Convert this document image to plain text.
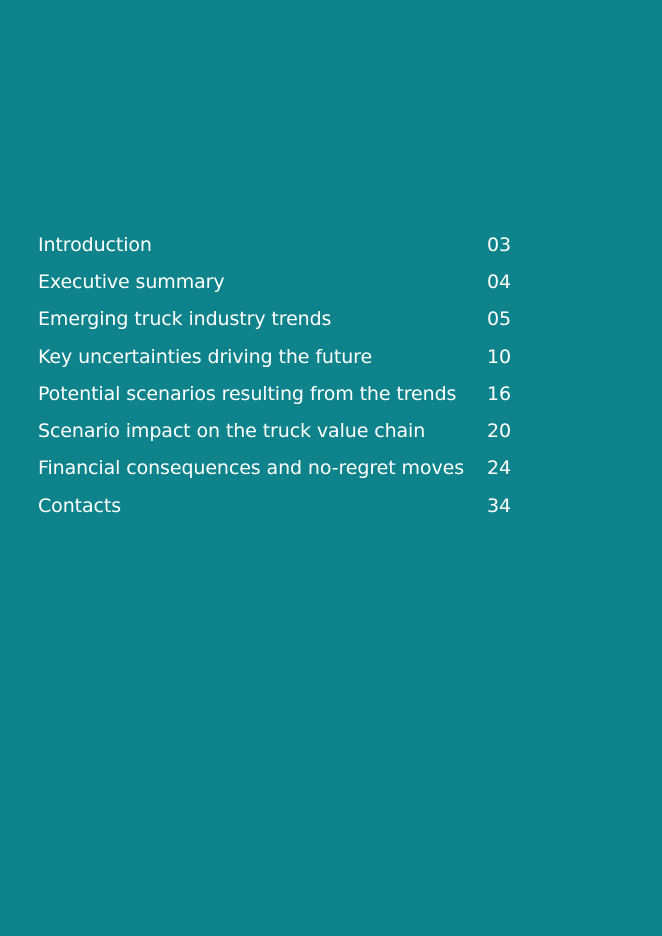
Introduction	03
Executive summary	04
Emerging truck industry trends	05
Key uncertainties driving the future	10
Potential scenarios resulting from the trends	16
Scenario impact on the truck value chain	20
Financial consequences and no-regret moves	24
Contacts	34
